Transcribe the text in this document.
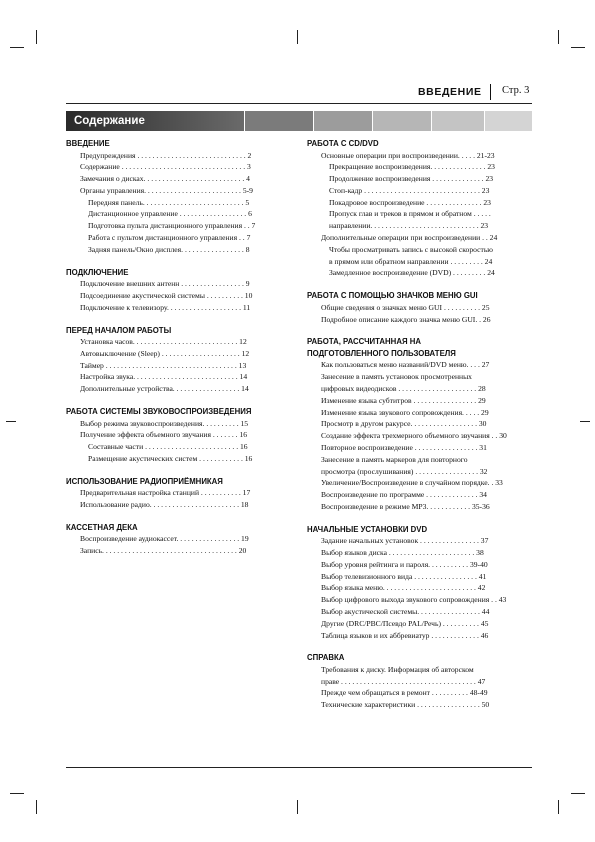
ВВЕДЕНИЕ Стр. 3
Содержание
ВВЕДЕНИЕ
Предупреждения . . . . . . . . . . . . . . . . . . . . . . . . . . . . . 2
Содержание . . . . . . . . . . . . . . . . . . . . . . . . . . . . . . . . . 3
Замечания о дисках. . . . . . . . . . . . . . . . . . . . . . . . . . . 4
Органы управления. . . . . . . . . . . . . . . . . . . . . . . . . . 5-9
Передняя панель. . . . . . . . . . . . . . . . . . . . . . . . . . . 5
Дистанционное управление . . . . . . . . . . . . . . . . . . 6
Подготовка пульта дистанционного управления . . 7
Работа с пультом дистанционного управления . . 7
Задняя панель/Окно дисплея. . . . . . . . . . . . . . . . . 8
ПОДКЛЮЧЕНИЕ
Подключение внешних антенн . . . . . . . . . . . . . . . . . 9
Подсоединение акустической системы . . . . . . . . . . 10
Подключение к телевизору. . . . . . . . . . . . . . . . . . . . 11
ПЕРЕД НАЧАЛОМ РАБОТЫ
Установка часов. . . . . . . . . . . . . . . . . . . . . . . . . . . . 12
Автовыключение (Sleep) . . . . . . . . . . . . . . . . . . . . . 12
Таймер . . . . . . . . . . . . . . . . . . . . . . . . . . . . . . . . . . . 13
Настройка звука. . . . . . . . . . . . . . . . . . . . . . . . . . . . 14
Дополнительные устройства. . . . . . . . . . . . . . . . . . 14
РАБОТА СИСТЕМЫ ЗВУКОВОСПРОИЗВЕДЕНИЯ
Выбор режима звуковоспроизведения. . . . . . . . . . 15
Получение эффекта объемного звучания . . . . . . . 16
Составные части . . . . . . . . . . . . . . . . . . . . . . . . . 16
Размещение акустических систем . . . . . . . . . . . . 16
ИСПОЛЬЗОВАНИЕ РАДИОПРИЁМНИКАЯ
Предварительная настройка станций . . . . . . . . . . . 17
Использование радио. . . . . . . . . . . . . . . . . . . . . . . . 18
КАССЕТНАЯ ДЕКА
Воспроизведение аудиокассет. . . . . . . . . . . . . . . . . 19
Запись. . . . . . . . . . . . . . . . . . . . . . . . . . . . . . . . . . . . 20
РАБОТА С CD/DVD
Основные операции при воспроизведении. . . . . 21-23
Прекращение воспроизведения. . . . . . . . . . . . . . . 23
Продолжение воспроизведения . . . . . . . . . . . . . . 23
Стоп-кадр . . . . . . . . . . . . . . . . . . . . . . . . . . . . . . . 23
Покадровое воспроизведение . . . . . . . . . . . . . . . 23
Пропуск глав и треков в прямом и обратном . . . . .
направлении. . . . . . . . . . . . . . . . . . . . . . . . . . . . . 23
Дополнительные операции при воспроизведении . . 24
Чтобы просматривать запись с высокой скоростью
в прямом или обратном направлении . . . . . . . . . 24
Замедленное воспроизведение (DVD) . . . . . . . . . 24
РАБОТА С ПОМОЩЬЮ ЗНАЧКОВ МЕНЮ GUI
Общие сведения о значках меню GUI . . . . . . . . . . 25
Подробное описание каждого значка меню GUI. . 26
РАБОТА, РАССЧИТАННАЯ НА
ПОДГОТОВЛЕННОГО ПОЛЬЗОВАТЕЛЯ
Как пользоваться меню названий/DVD меню. . . . 27
Занесение в память установок просмотренных
цифровых видеодисков . . . . . . . . . . . . . . . . . . . . . 28
Изменение языка субтитров . . . . . . . . . . . . . . . . . 29
Изменение языка звукового сопровождения. . . . . 29
Просмотр в другом ракурсе. . . . . . . . . . . . . . . . . . 30
Создание эффекта трехмерного объемного звучания . . 30
Повторное воспроизведение . . . . . . . . . . . . . . . . . 31
Занесение в память маркеров для повторного
просмотра (прослушивания) . . . . . . . . . . . . . . . . . 32
Увеличение/Воспроизведение в случайном порядке. . 33
Воспроизведение по программе . . . . . . . . . . . . . . 34
Воспроизведение в режиме MP3. . . . . . . . . . . . 35-36
НАЧАЛЬНЫЕ УСТАНОВКИ DVD
Задание начальных установок . . . . . . . . . . . . . . . . 37
Выбор языков диска . . . . . . . . . . . . . . . . . . . . . . . 38
Выбор уровня рейтинга и пароля. . . . . . . . . . . 39-40
Выбор телевизионного вида . . . . . . . . . . . . . . . . . 41
Выбор языка меню. . . . . . . . . . . . . . . . . . . . . . . . . 42
Выбор цифрового выхода звукового сопровождения . . 43
Выбор акустической системы. . . . . . . . . . . . . . . . . 44
Другие (DRC/PBC/Псевдо PAL/Речь) . . . . . . . . . . 45
Таблица языков и их аббревиатур . . . . . . . . . . . . . 46
СПРАВКА
Требования к диску. Информация об авторском
праве . . . . . . . . . . . . . . . . . . . . . . . . . . . . . . . . . . . . 47
Прежде чем обращаться в ремонт . . . . . . . . . . 48-49
Технические характеристики . . . . . . . . . . . . . . . . . 50
